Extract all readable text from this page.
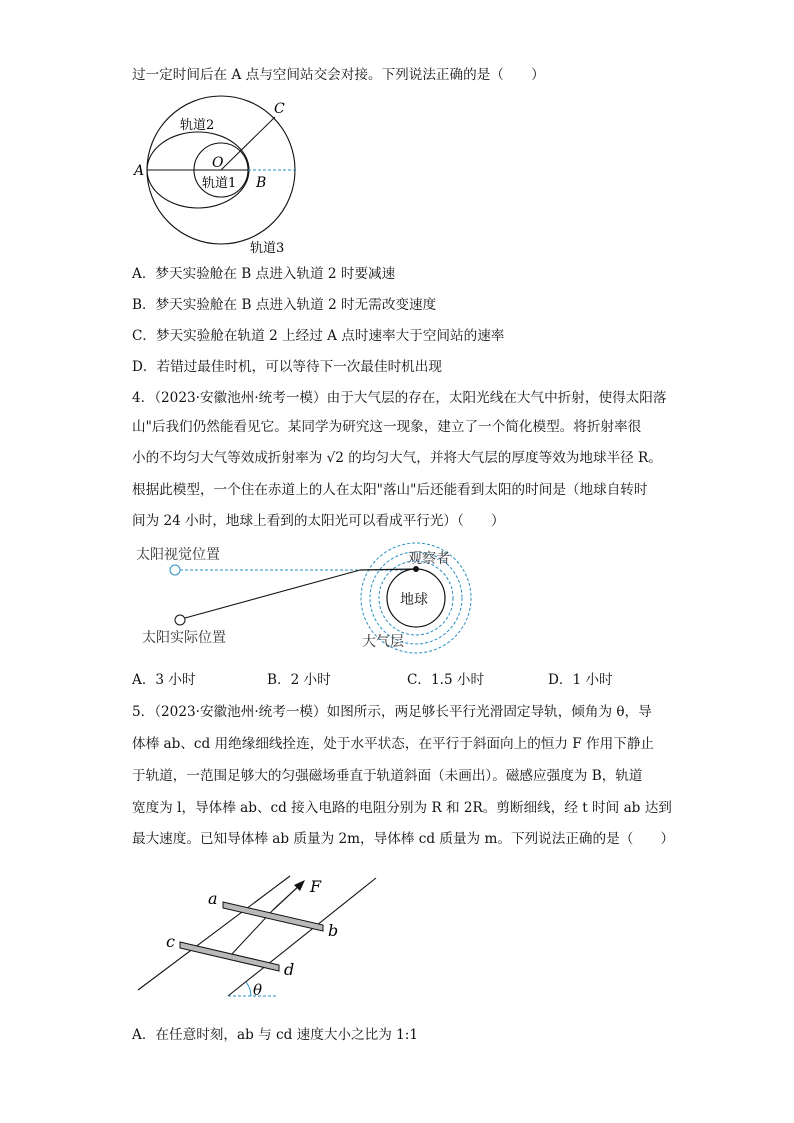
过一定时间后在 A 点与空间站交会对接。下列说法正确的是（　　）
C
轨道2
O
A
轨道1 B
轨道3
A．梦天实验舱在 B 点进入轨道 2 时要减速
B．梦天实验舱在 B 点进入轨道 2 时无需改变速度
C．梦天实验舱在轨道 2 上经过 A 点时速率大于空间站的速率
D．若错过最佳时机，可以等待下一次最佳时机出现
4．（2023·安徽池州·统考一模）由于大气层的存在，太阳光线在大气中折射，使得太阳落
山"后我们仍然能看见它。某同学为研究这一现象，建立了一个简化模型。将折射率很
小的不均匀大气等效成折射率为 √2 的均匀大气，并将大气层的厚度等效为地球半径 R。
根据此模型，一个住在赤道上的人在太阳"落山"后还能看到太阳的时间是（地球自转时
间为 24 小时，地球上看到的太阳光可以看成平行光）（　　）
太阳视觉位置	观察者
地球
太阳实际位置	大气层
A．3 小时	B．2 小时	C．1.5 小时	D．1 小时
5．（2023·安徽池州·统考一模）如图所示，两足够长平行光滑固定导轨，倾角为 θ，导
体棒 ab、cd 用绝缘细线拴连，处于水平状态，在平行于斜面向上的恒力 F 作用下静止
于轨道，一范围足够大的匀强磁场垂直于轨道斜面（未画出）。磁感应强度为 B，轨道
宽度为 l，导体棒 ab、cd 接入电路的电阻分别为 R 和 2R。剪断细线，经 t 时间 ab 达到
最大速度。已知导体棒 ab 质量为 2m，导体棒 cd 质量为 m。下列说法正确的是（　　）
a
F
b
c
d
θ
A．在任意时刻，ab 与 cd 速度大小之比为 1:1
